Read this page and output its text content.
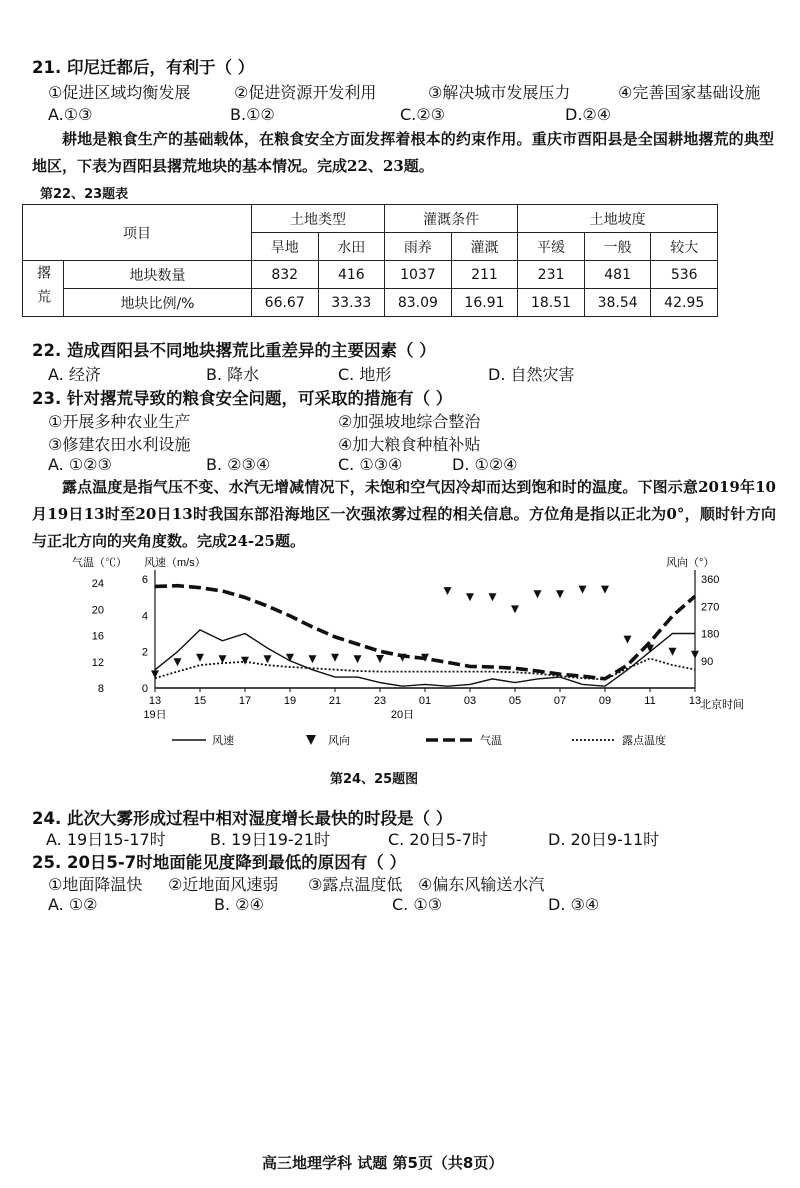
21. 印尼迁都后，有利于（ ）
①促进区域均衡发展	②促进资源开发利用	③解决城市发展压力	④完善国家基础设施
A.①③	B.①②	C.②③	D.②④
耕地是粮食生产的基础载体，在粮食安全方面发挥着根本的约束作用。重庆市酉阳县是全国耕地撂荒的典型地区，下表为酉阳县撂荒地块的基本情况。完成22、23题。
第22、23题表
项目		土地类型		灌溉条件		土地坡度		
		旱地	水田	雨养	灌溉	平缓	一般	较大
撂荒	地块数量	832	416	1037	211	231	481	536
	地块比例/%	66.67	33.33	83.09	16.91	18.51	38.54	42.95
22. 造成酉阳县不同地块撂荒比重差异的主要因素（ ）
A. 经济	B. 降水	C. 地形	D. 自然灾害
23. 针对撂荒导致的粮食安全问题，可采取的措施有（ ）
①开展多种农业生产	②加强坡地综合整治
③修建农田水利设施	④加大粮食种植补贴
A. ①②③	B. ②③④	C. ①③④	D. ①②④
露点温度是指气压不变、水汽无增减情况下，未饱和空气因冷却而达到饱和时的温度。下图示意2019年10月19日13时至20日13时我国东部沿海地区一次强浓雾过程的相关信息。方位角是指以正北为0°，顺时针方向与正北方向的夹角度数。完成24-25题。
气温（℃） 风速（m/s）	风向（°）
北京时间
24
20
16
12
8
6
4
2
0
360
270
180
90
13	15	17	19	21	23	01	03	05	07	09	11	13
19日	20日
风速	风向	气温	露点温度
第24、25题图
24. 此次大雾形成过程中相对湿度增长最快的时段是（ ）
A. 19日15-17时	B. 19日19-21时	C. 20日5-7时	D. 20日9-11时
25. 20日5-7时地面能见度降到最低的原因有（ ）
①地面降温快 ②近地面风速弱 ③露点温度低 ④偏东风输送水汽
A. ①②	B. ②④	C. ①③	D. ③④
高三地理学科 试题 第5页（共8页）
